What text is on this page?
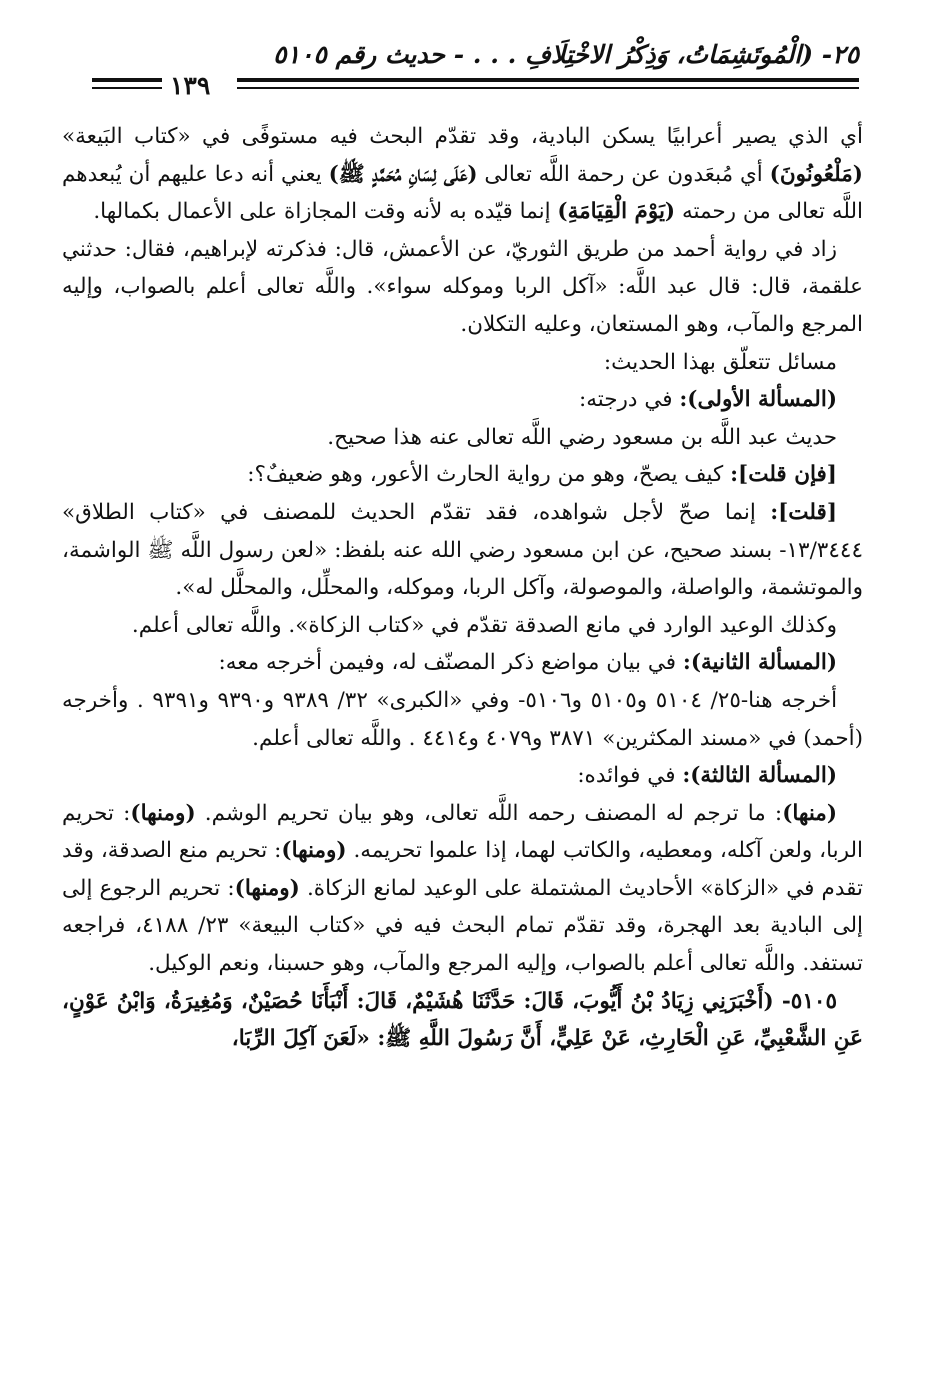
٢٥- (الْمُوتَشِمَاتُ، وَذِكْرُ الاخْتِلَافِ . . . - حديث رقم ٥١٠٥
١٣٩

أي الذي يصير أعرابيًا يسكن البادية، وقد تقدّم البحث فيه مستوفًى في «كتاب البَيعة» (مَلْعُونُونَ) أي مُبعَدون عن رحمة اللَّه تعالى (عَلَى لِسَانِ مُحَمَّدٍ ﷺ) يعني أنه دعا عليهم أن يُبعدهم اللَّه تعالى من رحمته (يَوْمَ الْقِيَامَةِ) إنما قيّده به لأنه وقت المجازاة على الأعمال بكمالها.

زاد في رواية أحمد من طريق الثوريّ، عن الأعمش، قال: فذكرته لإبراهيم، فقال: حدثني علقمة، قال: قال عبد اللَّه: «آكل الربا وموكله سواء». واللَّه تعالى أعلم بالصواب، وإليه المرجع والمآب، وهو المستعان، وعليه التكلان.

مسائل تتعلّق بهذا الحديث:

(المسألة الأولى): في درجته:

حديث عبد اللَّه بن مسعود رضي اللَّه تعالى عنه هذا صحيح.

[فإن قلت]: كيف يصحّ، وهو من رواية الحارث الأعور، وهو ضعيفٌ؟:

[قلت]: إنما صحّ لأجل شواهده، فقد تقدّم الحديث للمصنف في «كتاب الطلاق» ١٣/٣٤٤٤- بسند صحيح، عن ابن مسعود رضي الله عنه بلفظ: «لعن رسول اللَّه ﷺ الواشمة، والموتشمة، والواصلة، والموصولة، وآكل الربا، وموكله، والمحلِّل، والمحلَّل له».

وكذلك الوعيد الوارد في مانع الصدقة تقدّم في «كتاب الزكاة». واللَّه تعالى أعلم.

(المسألة الثانية): في بيان مواضع ذكر المصنّف له، وفيمن أخرجه معه:

أخرجه هنا-٢٥/ ٥١٠٤ و٥١٠٥ و٥١٠٦- وفي «الكبرى» ٣٢/ ٩٣٨٩ و٩٣٩٠ و٩٣٩١ . وأخرجه (أحمد) في «مسند المكثرين» ٣٨٧١ و٤٠٧٩ و٤٤١٤ . واللَّه تعالى أعلم.

(المسألة الثالثة): في فوائده:

(منها): ما ترجم له المصنف رحمه اللَّه تعالى، وهو بيان تحريم الوشم. (ومنها): تحريم الربا، ولعن آكله، ومعطيه، والكاتب لهما، إذا علموا تحريمه. (ومنها): تحريم منع الصدقة، وقد تقدم في «الزكاة» الأحاديث المشتملة على الوعيد لمانع الزكاة. (ومنها): تحريم الرجوع إلى إلى البادية بعد الهجرة، وقد تقدّم تمام البحث فيه في «كتاب البيعة» ٢٣/ ٤١٨٨، فراجعه تستفد. واللَّه تعالى أعلم بالصواب، وإليه المرجع والمآب، وهو حسبنا، ونعم الوكيل.

٥١٠٥- (أَخْبَرَنِي زِيَادُ بْنُ أَيُّوبَ، قَالَ: حَدَّثَنَا هُشَيْمٌ، قَالَ: أَنْبَأَنَا حُصَيْنٌ، وَمُغِيرَةُ، وَابْنُ عَوْنٍ، عَنِ الشَّعْبِيِّ، عَنِ الْحَارِثِ، عَنْ عَلِيٍّ، أَنَّ رَسُولَ اللَّهِ ﷺ: «لَعَنَ آكِلَ الرِّبَا،
